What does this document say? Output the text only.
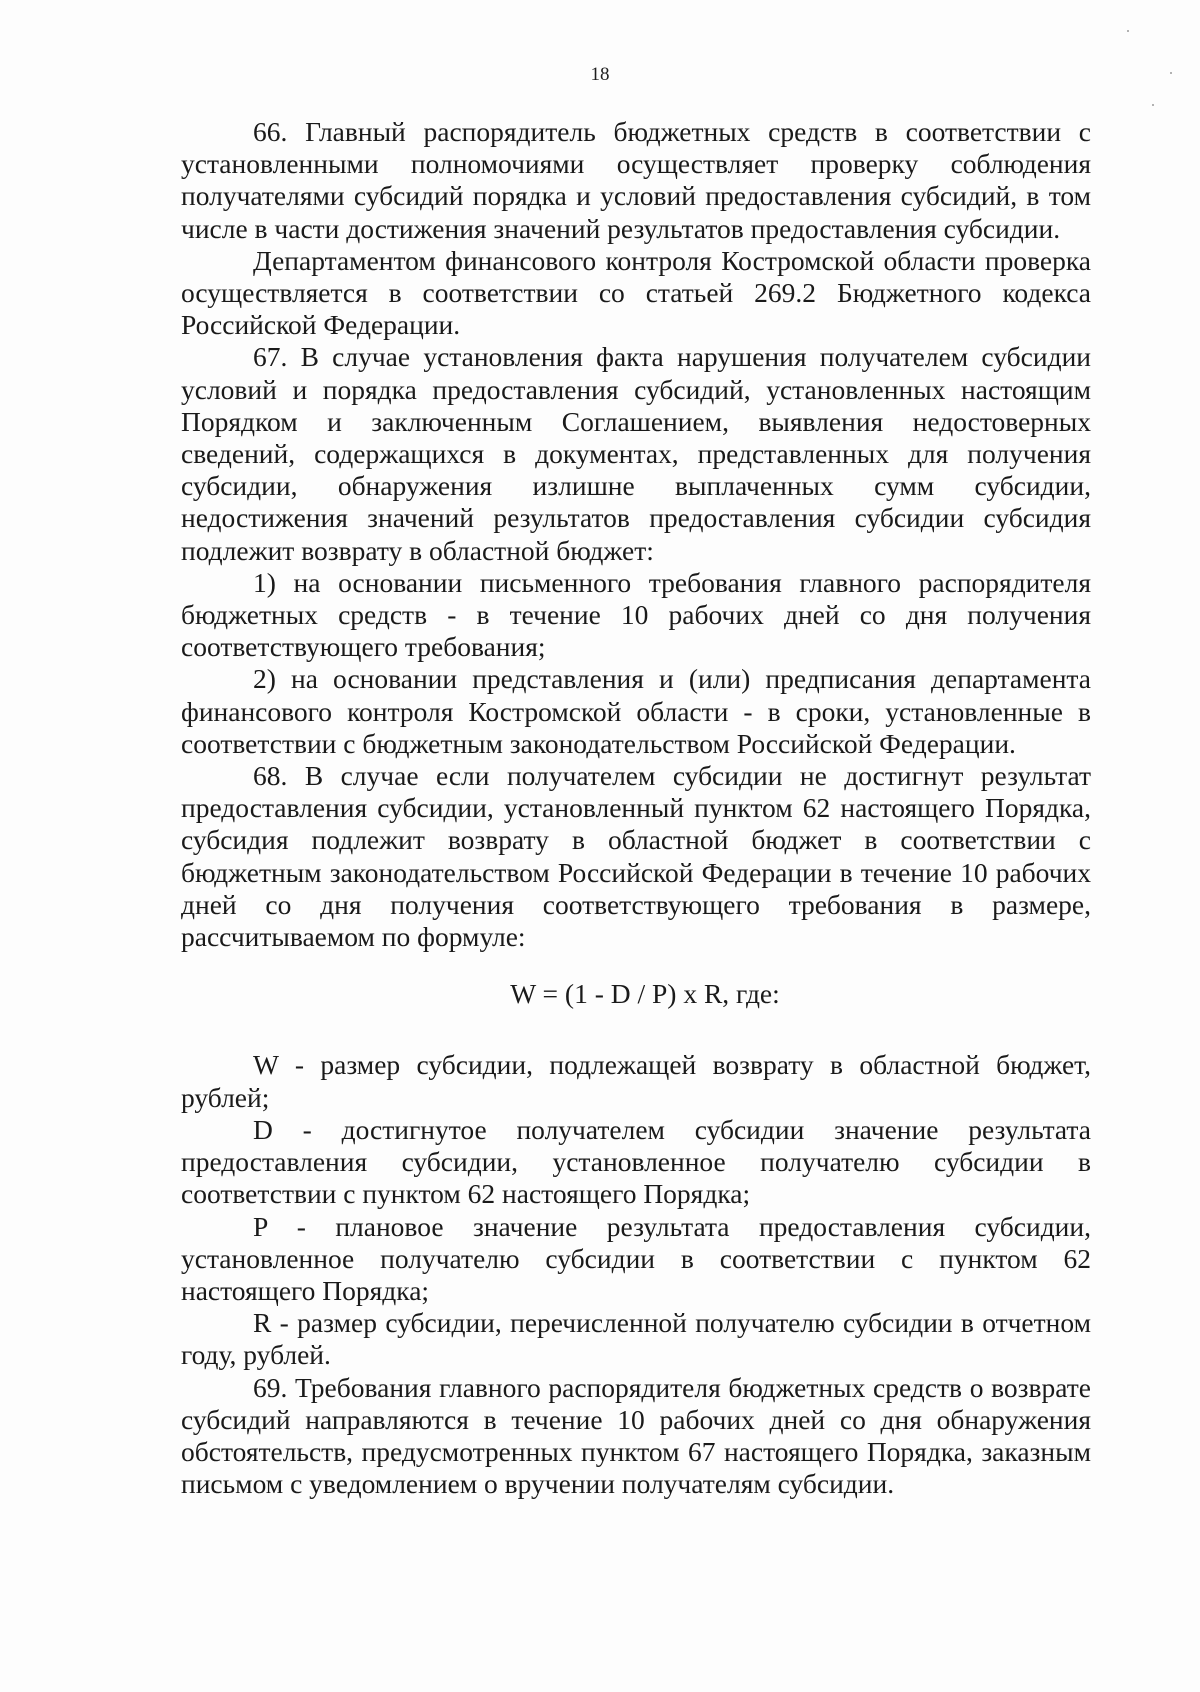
18

66. Главный распорядитель бюджетных средств в соответствии с установленными полномочиями осуществляет проверку соблюдения получателями субсидий порядка и условий предоставления субсидий, в том числе в части достижения значений результатов предоставления субсидии.

Департаментом финансового контроля Костромской области проверка осуществляется в соответствии со статьей 269.2 Бюджетного кодекса Российской Федерации.

67. В случае установления факта нарушения получателем субсидии условий и порядка предоставления субсидий, установленных настоящим Порядком и заключенным Соглашением, выявления недостоверных сведений, содержащихся в документах, представленных для получения субсидии, обнаружения излишне выплаченных сумм субсидии, недостижения значений результатов предоставления субсидии субсидия подлежит возврату в областной бюджет:

1) на основании письменного требования главного распорядителя бюджетных средств - в течение 10 рабочих дней со дня получения соответствующего требования;

2) на основании представления и (или) предписания департамента финансового контроля Костромской области - в сроки, установленные в соответствии с бюджетным законодательством Российской Федерации.

68. В случае если получателем субсидии не достигнут результат предоставления субсидии, установленный пунктом 62 настоящего Порядка, субсидия подлежит возврату в областной бюджет в соответствии с бюджетным законодательством Российской Федерации в течение 10 рабочих дней со дня получения соответствующего требования в размере, рассчитываемом по формуле:

W = (1 - D / P) x R, где:

W - размер субсидии, подлежащей возврату в областной бюджет, рублей;

D - достигнутое получателем субсидии значение результата предоставления субсидии, установленное получателю субсидии в соответствии с пунктом 62 настоящего Порядка;

P - плановое значение результата предоставления субсидии, установленное получателю субсидии в соответствии с пунктом 62 настоящего Порядка;

R - размер субсидии, перечисленной получателю субсидии в отчетном году, рублей.

69. Требования главного распорядителя бюджетных средств о возврате субсидий направляются в течение 10 рабочих дней со дня обнаружения обстоятельств, предусмотренных пунктом 67 настоящего Порядка, заказным письмом с уведомлением о вручении получателям субсидии.
